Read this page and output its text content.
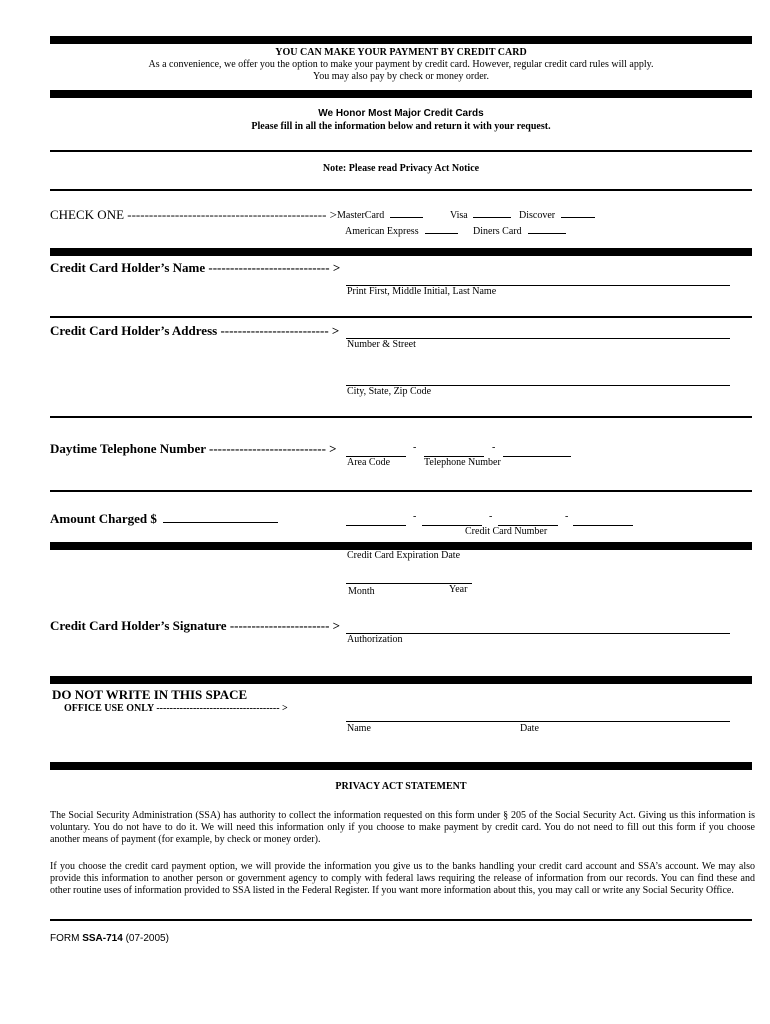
YOU CAN MAKE YOUR PAYMENT BY CREDIT CARD
As a convenience, we offer you the option to make your payment by credit card. However, regular credit card rules will apply.
You may also pay by check or money order.
We Honor Most Major Credit Cards
Please fill in all the information below and return it with your request.
Note: Please read Privacy Act Notice
CHECK ONE ---------------------------------------------- > MasterCard	Visa	Discover
American Express	Diners Card
Credit Card Holder’s Name ---------------------------- >
Print First, Middle Initial, Last Name
Credit Card Holder’s Address ------------------------- >
Number & Street
City, State, Zip Code
Daytime Telephone Number --------------------------- >	-	-
Area Code	Telephone Number
Amount Charged $	-	-	-
Credit Card Number
Credit Card Expiration Date
Month	Year
Credit Card Holder’s Signature ----------------------- >
Authorization
DO NOT WRITE IN THIS SPACE
OFFICE USE ONLY ------------------------------------- >
Name	Date
PRIVACY ACT STATEMENT
The Social Security Administration (SSA) has authority to collect the information requested on this form under § 205 of the Social Security Act. Giving us this information is voluntary. You do not have to do it. We will need this information only if you choose to make payment by credit card. You do not need to fill out this form if you choose another means of payment (for example, by check or money order).
If you choose the credit card payment option, we will provide the information you give us to the banks handling your credit card account and SSA’s account. We may also provide this information to another person or government agency to comply with federal laws requiring the release of information from our records. You can find these and other routine uses of information provided to SSA listed in the Federal Register. If you want more information about this, you may call or write any Social Security Office.
FORM SSA-714 (07-2005)
